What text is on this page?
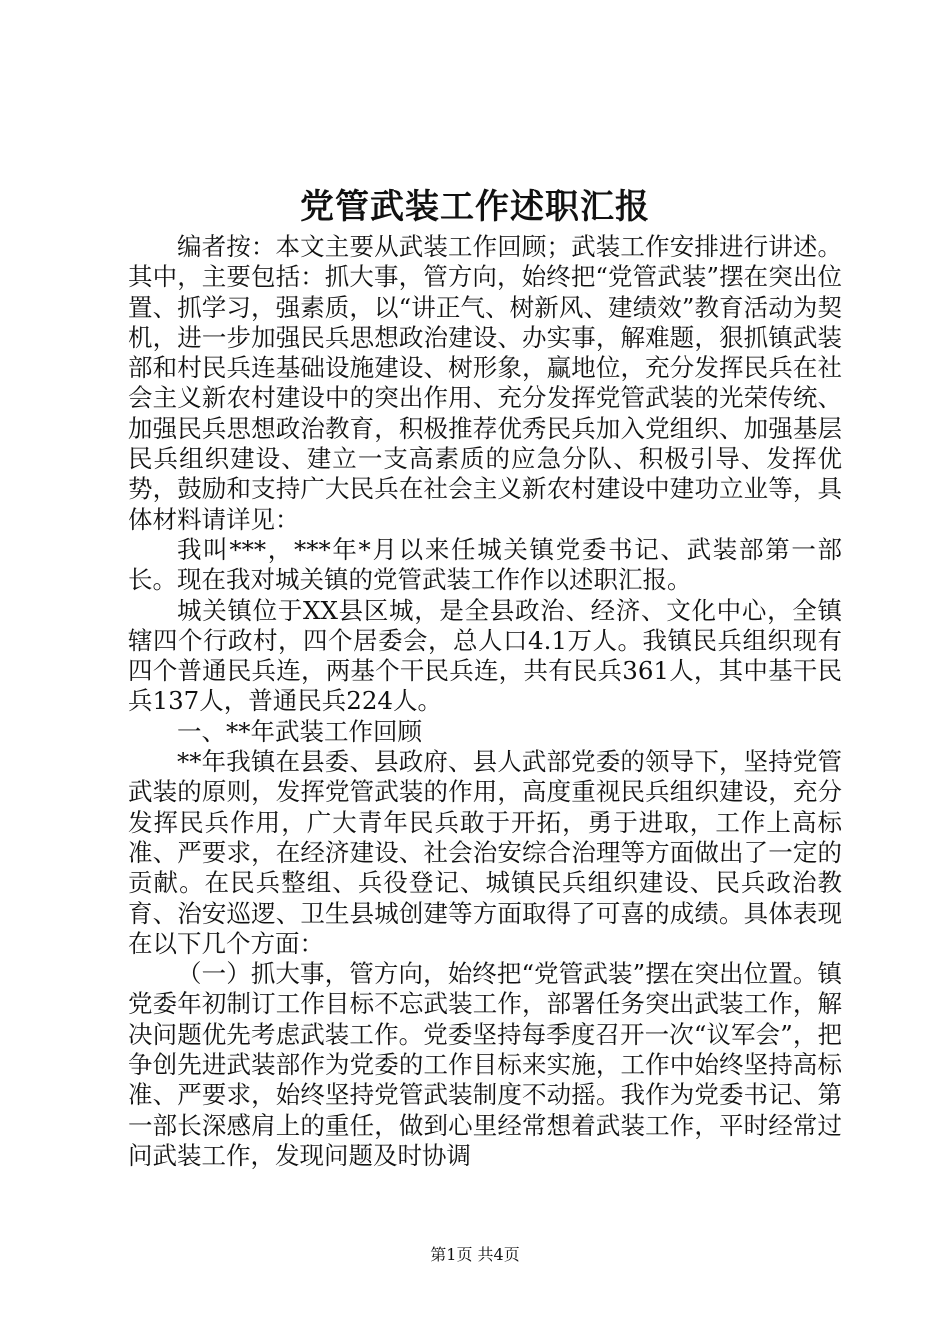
党管武装工作述职汇报

编者按：本文主要从武装工作回顾；武装工作安排进行讲述。其中，主要包括：抓大事，管方向，始终把“党管武装”摆在突出位置、抓学习，强素质，以“讲正气、树新风、建绩效”教育活动为契机，进一步加强民兵思想政治建设、办实事，解难题，狠抓镇武装部和村民兵连基础设施建设、树形象，赢地位，充分发挥民兵在社会主义新农村建设中的突出作用、充分发挥党管武装的光荣传统、加强民兵思想政治教育，积极推荐优秀民兵加入党组织、加强基层民兵组织建设、建立一支高素质的应急分队、积极引导、发挥优势，鼓励和支持广大民兵在社会主义新农村建设中建功立业等，具体材料请详见：

我叫***，***年*月以来任城关镇党委书记、武装部第一部长。现在我对城关镇的党管武装工作作以述职汇报。

城关镇位于XX县区城，是全县政治、经济、文化中心，全镇辖四个行政村，四个居委会，总人口4.1万人。我镇民兵组织现有四个普通民兵连，两基个干民兵连，共有民兵361人，其中基干民兵137人，普通民兵224人。

一、**年武装工作回顾

**年我镇在县委、县政府、县人武部党委的领导下，坚持党管武装的原则，发挥党管武装的作用，高度重视民兵组织建设，充分发挥民兵作用，广大青年民兵敢于开拓，勇于进取，工作上高标准、严要求，在经济建设、社会治安综合治理等方面做出了一定的贡献。在民兵整组、兵役登记、城镇民兵组织建设、民兵政治教育、治安巡逻、卫生县城创建等方面取得了可喜的成绩。具体表现在以下几个方面：

（一）抓大事，管方向，始终把“党管武装”摆在突出位置。镇党委年初制订工作目标不忘武装工作，部署任务突出武装工作，解决问题优先考虑武装工作。党委坚持每季度召开一次“议军会”，把争创先进武装部作为党委的工作目标来实施，工作中始终坚持高标准、严要求，始终坚持党管武装制度不动摇。我作为党委书记、第一部长深感肩上的重任，做到心里经常想着武装工作，平时经常过问武装工作，发现问题及时协调

第1页 共4页
